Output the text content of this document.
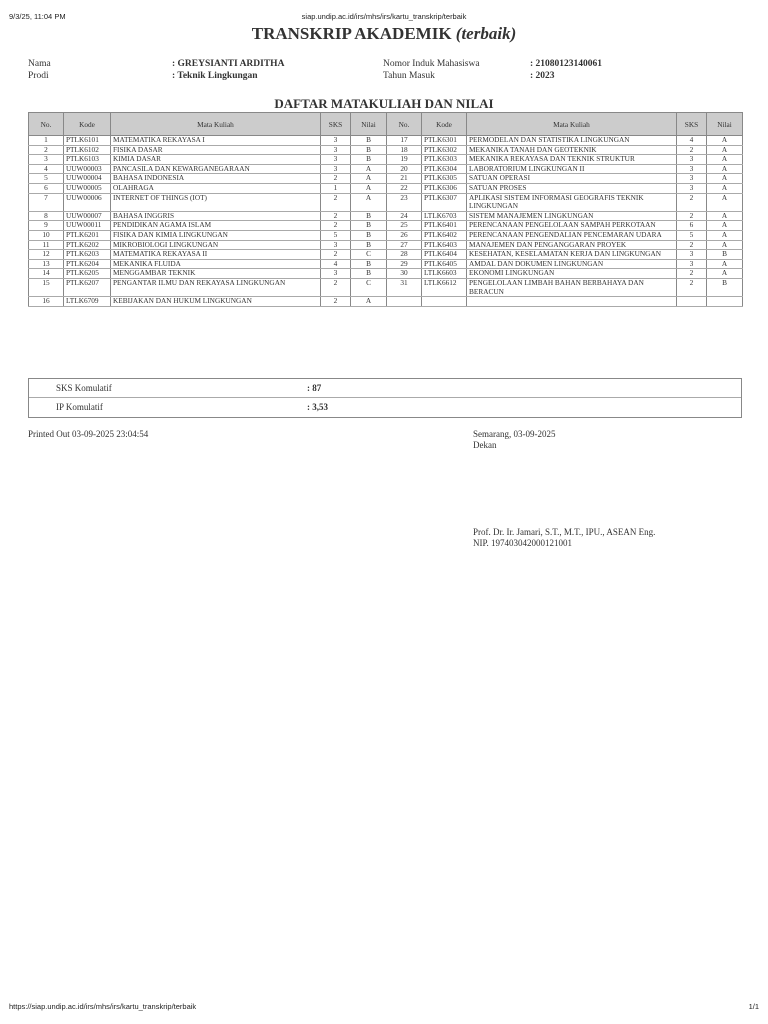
9/3/25, 11:04 PM	siap.undip.ac.id/irs/mhs/irs/kartu_transkrip/terbaik
TRANSKRIP AKADEMIK (terbaik)
Nama	: GREYSIANTI ARDITHA
Prodi	: Teknik Lingkungan
Nomor Induk Mahasiswa	: 21080123140061
Tahun Masuk	: 2023
DAFTAR MATAKULIAH DAN NILAI
No.	Kode	Mata Kuliah	SKS	Nilai	No.	Kode	Mata Kuliah	SKS	Nilai
1	PTLK6101	MATEMATIKA REKAYASA I	3	B	17	PTLK6301	PERMODELAN DAN STATISTIKA LINGKUNGAN	4	A
2	PTLK6102	FISIKA DASAR	3	B	18	PTLK6302	MEKANIKA TANAH DAN GEOTEKNIK	2	A
3	PTLK6103	KIMIA DASAR	3	B	19	PTLK6303	MEKANIKA REKAYASA DAN TEKNIK STRUKTUR	3	A
4	UUW00003	PANCASILA DAN KEWARGANEGARAAN	3	A	20	PTLK6304	LABORATORIUM LINGKUNGAN II	3	A
5	UUW00004	BAHASA INDONESIA	2	A	21	PTLK6305	SATUAN OPERASI	3	A
6	UUW00005	OLAHRAGA	1	A	22	PTLK6306	SATUAN PROSES	3	A
7	UUW00006	INTERNET OF THINGS (IOT)	2	A	23	PTLK6307	APLIKASI SISTEM INFORMASI GEOGRAFIS TEKNIK LINGKUNGAN	2	A
8	UUW00007	BAHASA INGGRIS	2	B	24	LTLK6703	SISTEM MANAJEMEN LINGKUNGAN	2	A
9	UUW00011	PENDIDIKAN AGAMA ISLAM	2	B	25	PTLK6401	PERENCANAAN PENGELOLAAN SAMPAH PERKOTAAN	6	A
10	PTLK6201	FISIKA DAN KIMIA LINGKUNGAN	5	B	26	PTLK6402	PERENCANAAN PENGENDALIAN PENCEMARAN UDARA	5	A
11	PTLK6202	MIKROBIOLOGI LINGKUNGAN	3	B	27	PTLK6403	MANAJEMEN DAN PENGANGGARAN PROYEK	2	A
12	PTLK6203	MATEMATIKA REKAYASA II	2	C	28	PTLK6404	KESEHATAN, KESELAMATAN KERJA DAN LINGKUNGAN	3	B
13	PTLK6204	MEKANIKA FLUIDA	4	B	29	PTLK6405	AMDAL DAN DOKUMEN LINGKUNGAN	3	A
14	PTLK6205	MENGGAMBAR TEKNIK	3	B	30	LTLK6603	EKONOMI LINGKUNGAN	2	A
15	PTLK6207	PENGANTAR ILMU DAN REKAYASA LINGKUNGAN	2	C	31	LTLK6612	PENGELOLAAN LIMBAH BAHAN BERBAHAYA DAN BERACUN	2	B
16	LTLK6709	KEBIJAKAN DAN HUKUM LINGKUNGAN	2	A					
SKS Komulatif	: 87
IP Komulatif	: 3,53
Printed Out 03-09-2025 23:04:54	Semarang, 03-09-2025
Dekan
Prof. Dr. Ir. Jamari, S.T., M.T., IPU., ASEAN Eng.
NIP. 197403042000121001
https://siap.undip.ac.id/irs/mhs/irs/kartu_transkrip/terbaik	1/1
